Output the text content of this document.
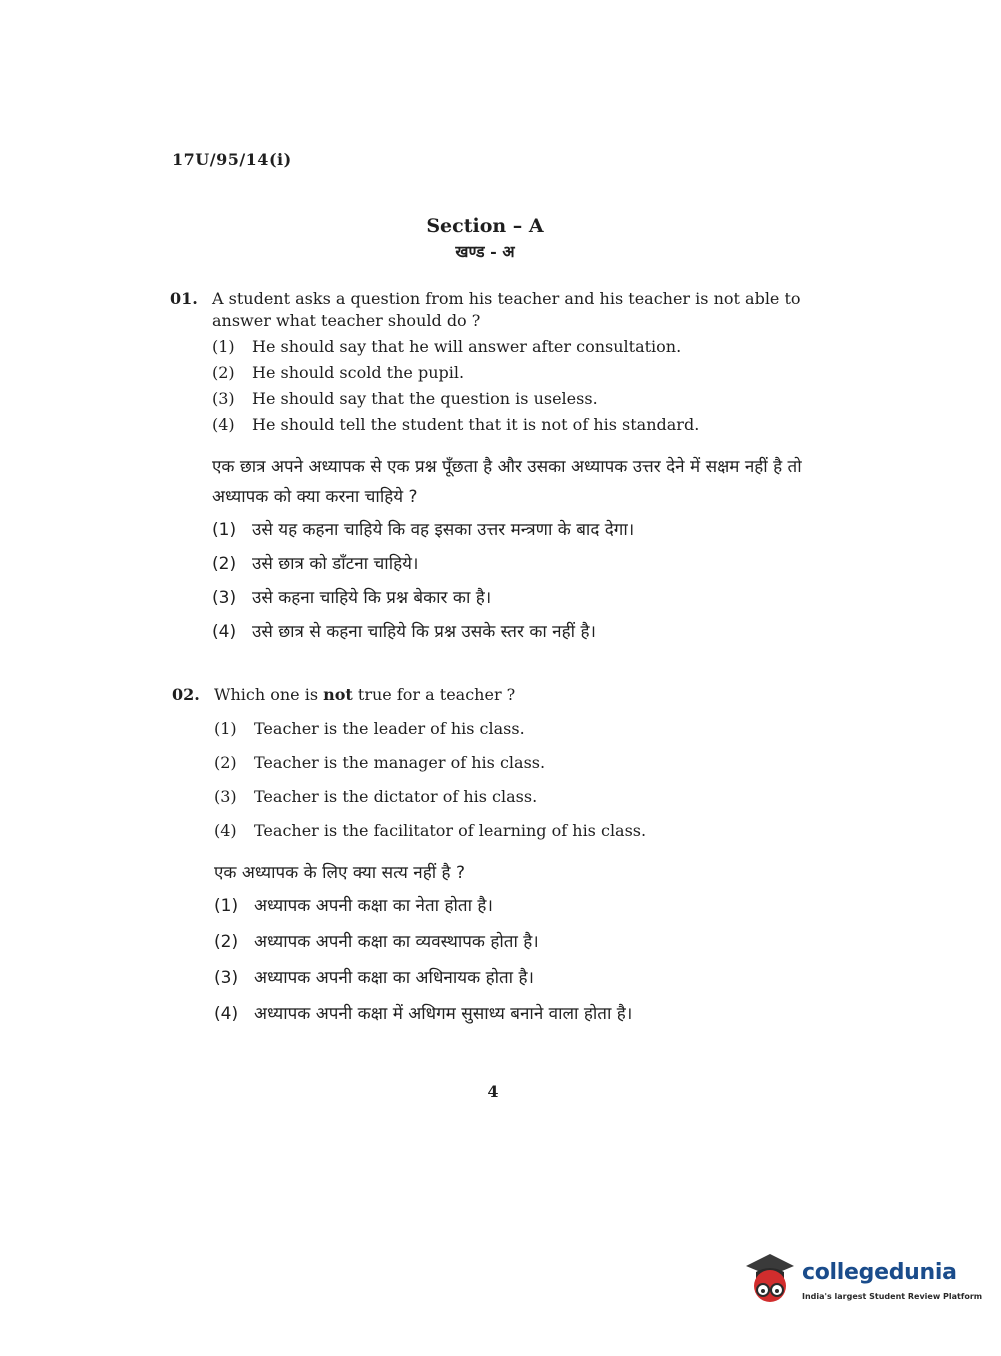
17U/95/14(i)
Section – A
खण्ड - अ
01. A student asks a question from his teacher and his teacher is not able to answer what teacher should do ?
(1)	He should say that he will answer after consultation.
(2)	He should scold the pupil.
(3)	He should say that the question is useless.
(4)	He should tell the student that it is not of his standard.
एक छात्र अपने अध्यापक से एक प्रश्न पूँछता है और उसका अध्यापक उत्तर देने में सक्षम नहीं है तो अध्यापक को क्या करना चाहिये ?
(1) उसे यह कहना चाहिये कि वह इसका उत्तर मन्त्रणा के बाद देगा।
(2) उसे छात्र को डाँटना चाहिये।
(3) उसे कहना चाहिये कि प्रश्न बेकार का है।
(4) उसे छात्र से कहना चाहिये कि प्रश्न उसके स्तर का नहीं है।
02. Which one is not true for a teacher ?
(1)	Teacher is the leader of his class.
(2)	Teacher is the manager of his class.
(3)	Teacher is the dictator of his class.
(4)	Teacher is the facilitator of learning of his class.
एक अध्यापक के लिए क्या सत्य नहीं है ?
(1) अध्यापक अपनी कक्षा का नेता होता है।
(2) अध्यापक अपनी कक्षा का व्यवस्थापक होता है।
(3) अध्यापक अपनी कक्षा का अधिनायक होता है।
(4) अध्यापक अपनी कक्षा में अधिगम सुसाध्य बनाने वाला होता है।
4
collegedunia
India's largest Student Review Platform
